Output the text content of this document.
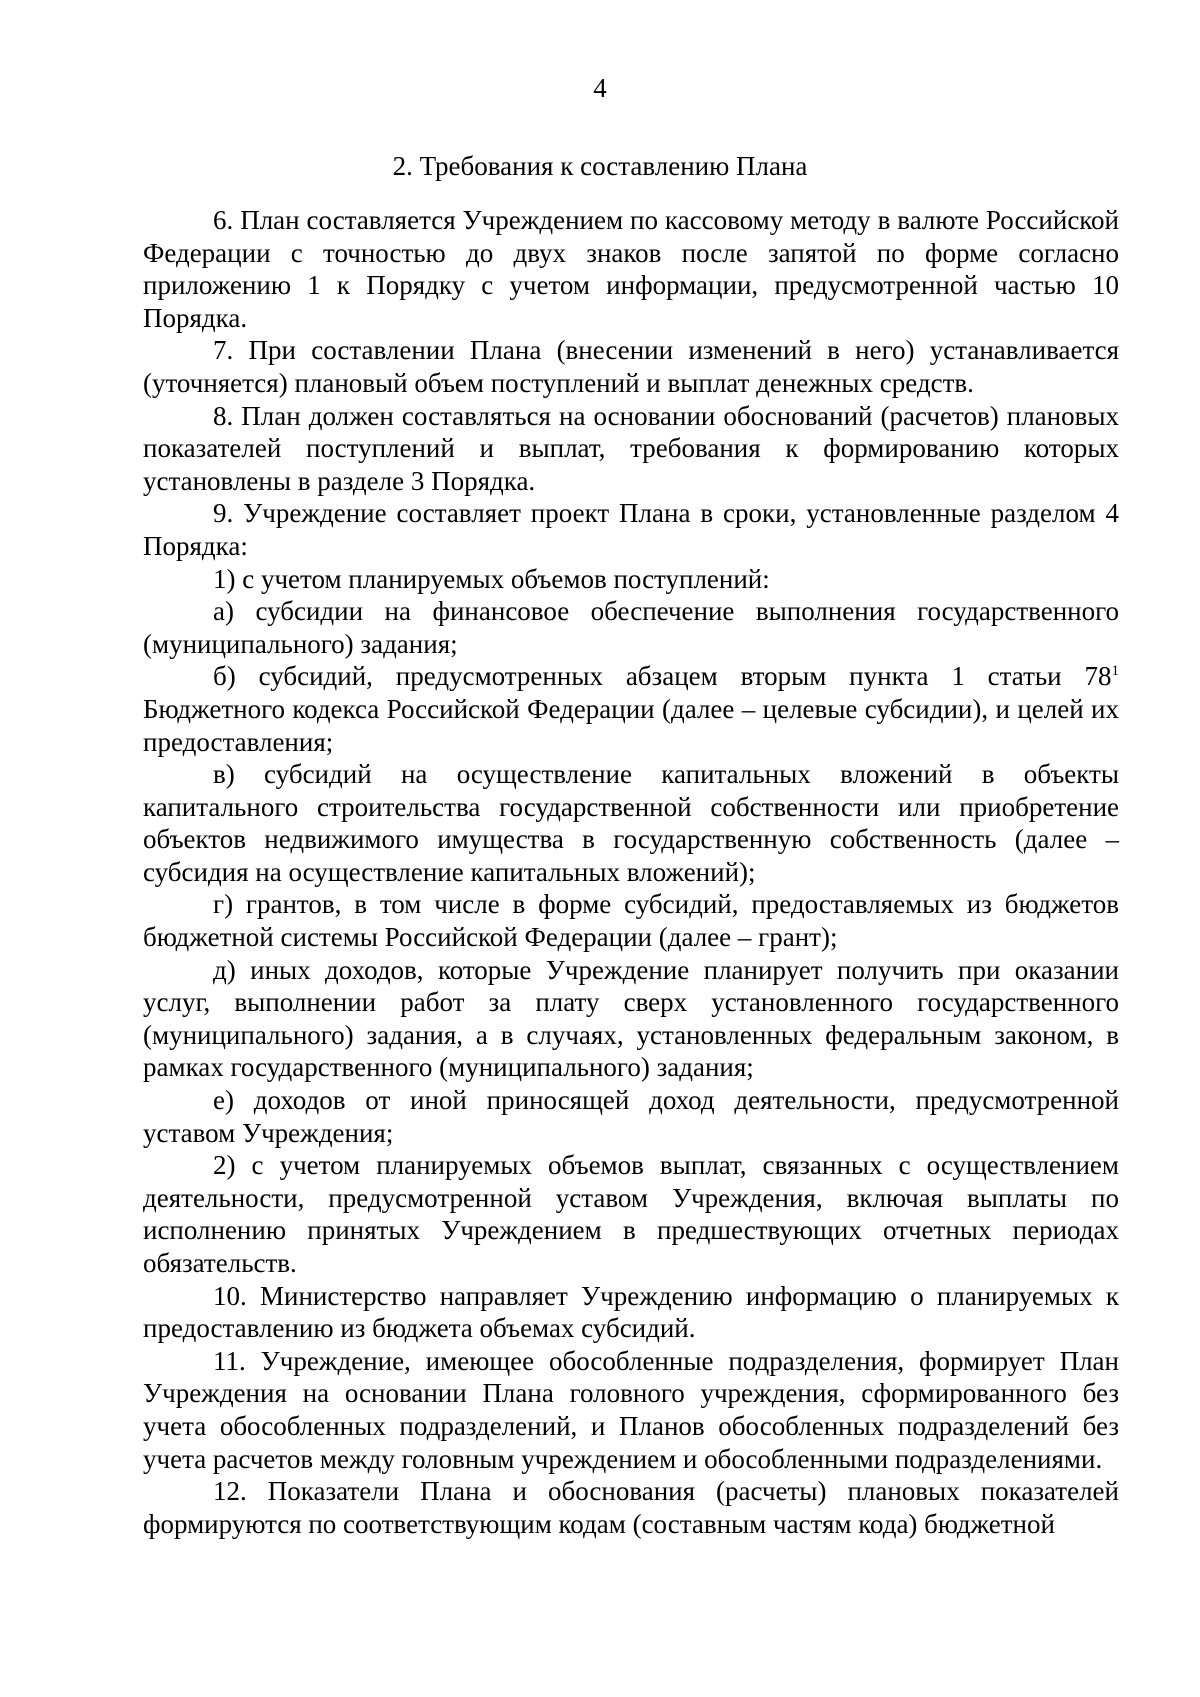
4
2. Требования к составлению Плана

6. План составляется Учреждением по кассовому методу в валюте Российской Федерации с точностью до двух знаков после запятой по форме согласно приложению 1 к Порядку с учетом информации, предусмотренной частью 10 Порядка.

7. При составлении Плана (внесении изменений в него) устанавливается (уточняется) плановый объем поступлений и выплат денежных средств.

8. План должен составляться на основании обоснований (расчетов) плановых показателей поступлений и выплат, требования к формированию которых установлены в разделе 3 Порядка.

9. Учреждение составляет проект Плана в сроки, установленные разделом 4 Порядка:

1) с учетом планируемых объемов поступлений:

а) субсидии на финансовое обеспечение выполнения государственного (муниципального) задания;

б) субсидий, предусмотренных абзацем вторым пункта 1 статьи $78^1$ Бюджетного кодекса Российской Федерации (далее – целевые субсидии), и целей их предоставления;

в) субсидий на осуществление капитальных вложений в объекты капитального строительства государственной собственности или приобретение объектов недвижимого имущества в государственную собственность (далее – субсидия на осуществление капитальных вложений);

г) грантов, в том числе в форме субсидий, предоставляемых из бюджетов бюджетной системы Российской Федерации (далее – грант);

д) иных доходов, которые Учреждение планирует получить при оказании услуг, выполнении работ за плату сверх установленного государственного (муниципального) задания, а в случаях, установленных федеральным законом, в рамках государственного (муниципального) задания;

е) доходов от иной приносящей доход деятельности, предусмотренной уставом Учреждения;

2) с учетом планируемых объемов выплат, связанных с осуществлением деятельности, предусмотренной уставом Учреждения, включая выплаты по исполнению принятых Учреждением в предшествующих отчетных периодах обязательств.

10. Министерство направляет Учреждению информацию о планируемых к предоставлению из бюджета объемах субсидий.

11. Учреждение, имеющее обособленные подразделения, формирует План Учреждения на основании Плана головного учреждения, сформированного без учета обособленных подразделений, и Планов обособленных подразделений без учета расчетов между головным учреждением и обособленными подразделениями.

12. Показатели Плана и обоснования (расчеты) плановых показателей формируются по соответствующим кодам (составным частям кода) бюджетной
